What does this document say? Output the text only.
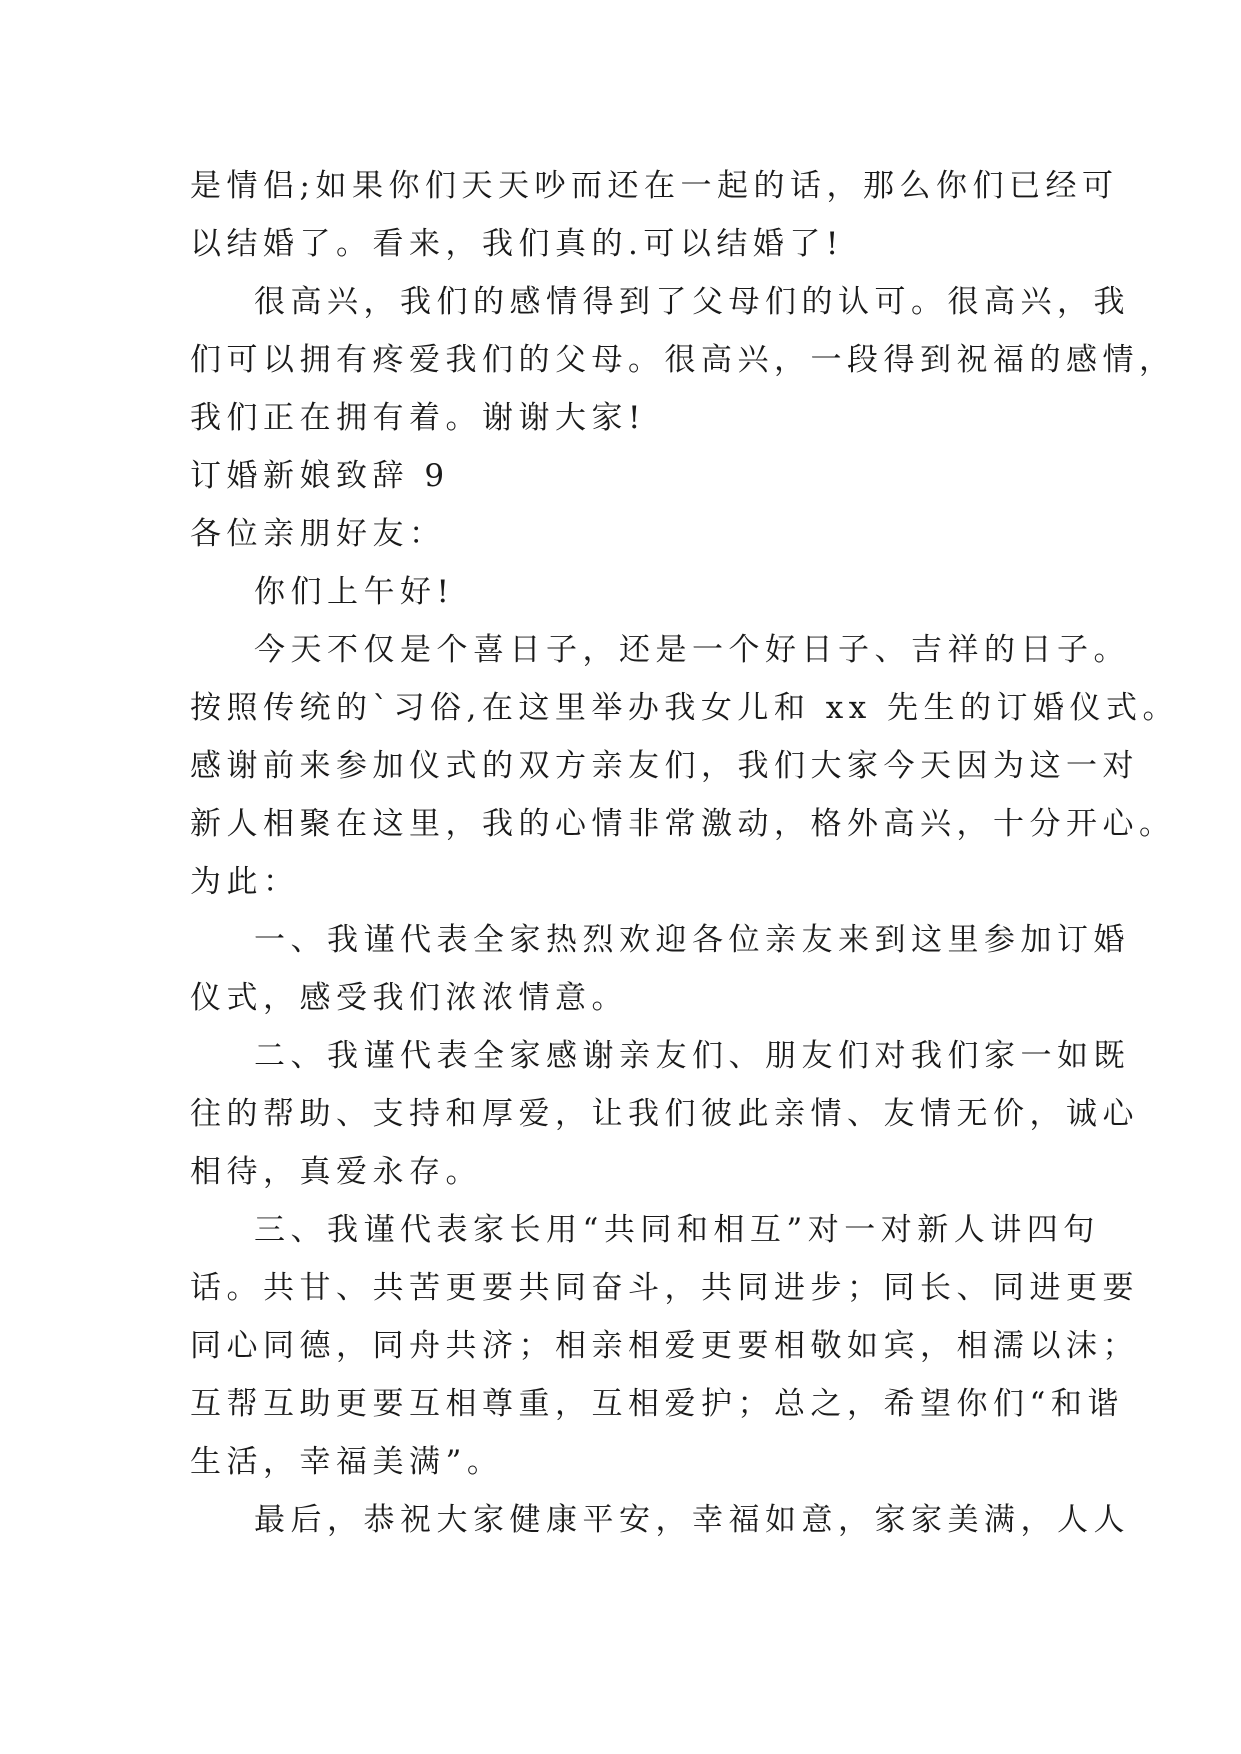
是情侣;如果你们天天吵而还在一起的话，那么你们已经可
以结婚了。看来，我们真的.可以结婚了!
很高兴，我们的感情得到了父母们的认可。很高兴，我
们可以拥有疼爱我们的父母。很高兴，一段得到祝福的感情，
我们正在拥有着。谢谢大家!
订婚新娘致辞 9
各位亲朋好友：
你们上午好!
今天不仅是个喜日子，还是一个好日子、吉祥的日子。
按照传统的`习俗,在这里举办我女儿和 xx 先生的订婚仪式。
感谢前来参加仪式的双方亲友们，我们大家今天因为这一对
新人相聚在这里，我的心情非常激动，格外高兴，十分开心。
为此：
一、我谨代表全家热烈欢迎各位亲友来到这里参加订婚
仪式，感受我们浓浓情意。
二、我谨代表全家感谢亲友们、朋友们对我们家一如既
往的帮助、支持和厚爱，让我们彼此亲情、友情无价，诚心
相待，真爱永存。
三、我谨代表家长用“共同和相互”对一对新人讲四句
话。共甘、共苦更要共同奋斗，共同进步；同长、同进更要
同心同德，同舟共济；相亲相爱更要相敬如宾，相濡以沫；
互帮互助更要互相尊重，互相爱护；总之，希望你们“和谐
生活，幸福美满”。
最后，恭祝大家健康平安，幸福如意，家家美满，人人
